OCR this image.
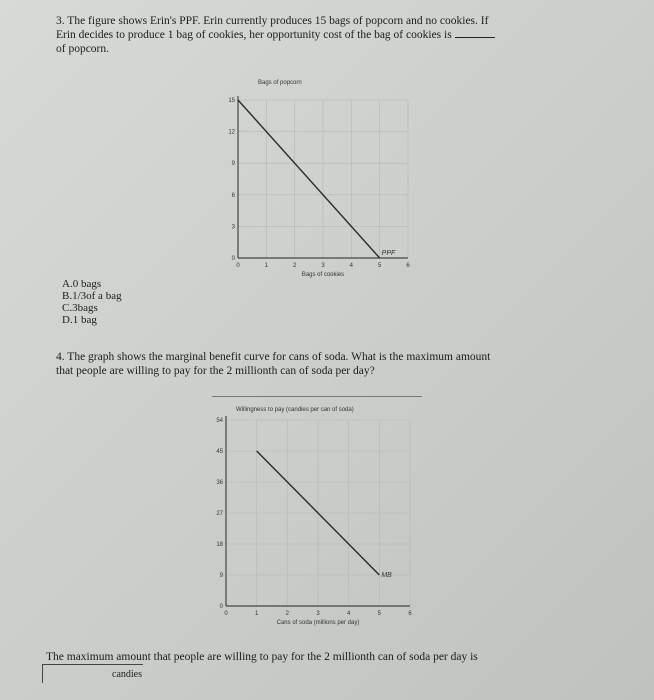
3. The figure shows Erin's PPF. Erin currently produces 15 bags of popcorn and no cookies. If
Erin decides to produce 1 bag of cookies, her opportunity cost of the bag of cookies is
of popcorn.
0	1	2	3	4	5	6
0
3
6
9
12
15
Bags of popcorn
Bags of cookies
PPF
A.0 bags
B.1/3of a bag
C.3bags
D.1 bag
4. The graph shows the marginal benefit curve for cans of soda. What is the maximum amount
that people are willing to pay for the 2 millionth can of soda per day?
0	1	2	3	4	5	6
0
9
18
27
36
45
54
Willingness to pay (candies per can of soda)
Cans of soda (millions per day)
MB
The maximum amount that people are willing to pay for the 2 millionth can of soda per day is
candies
